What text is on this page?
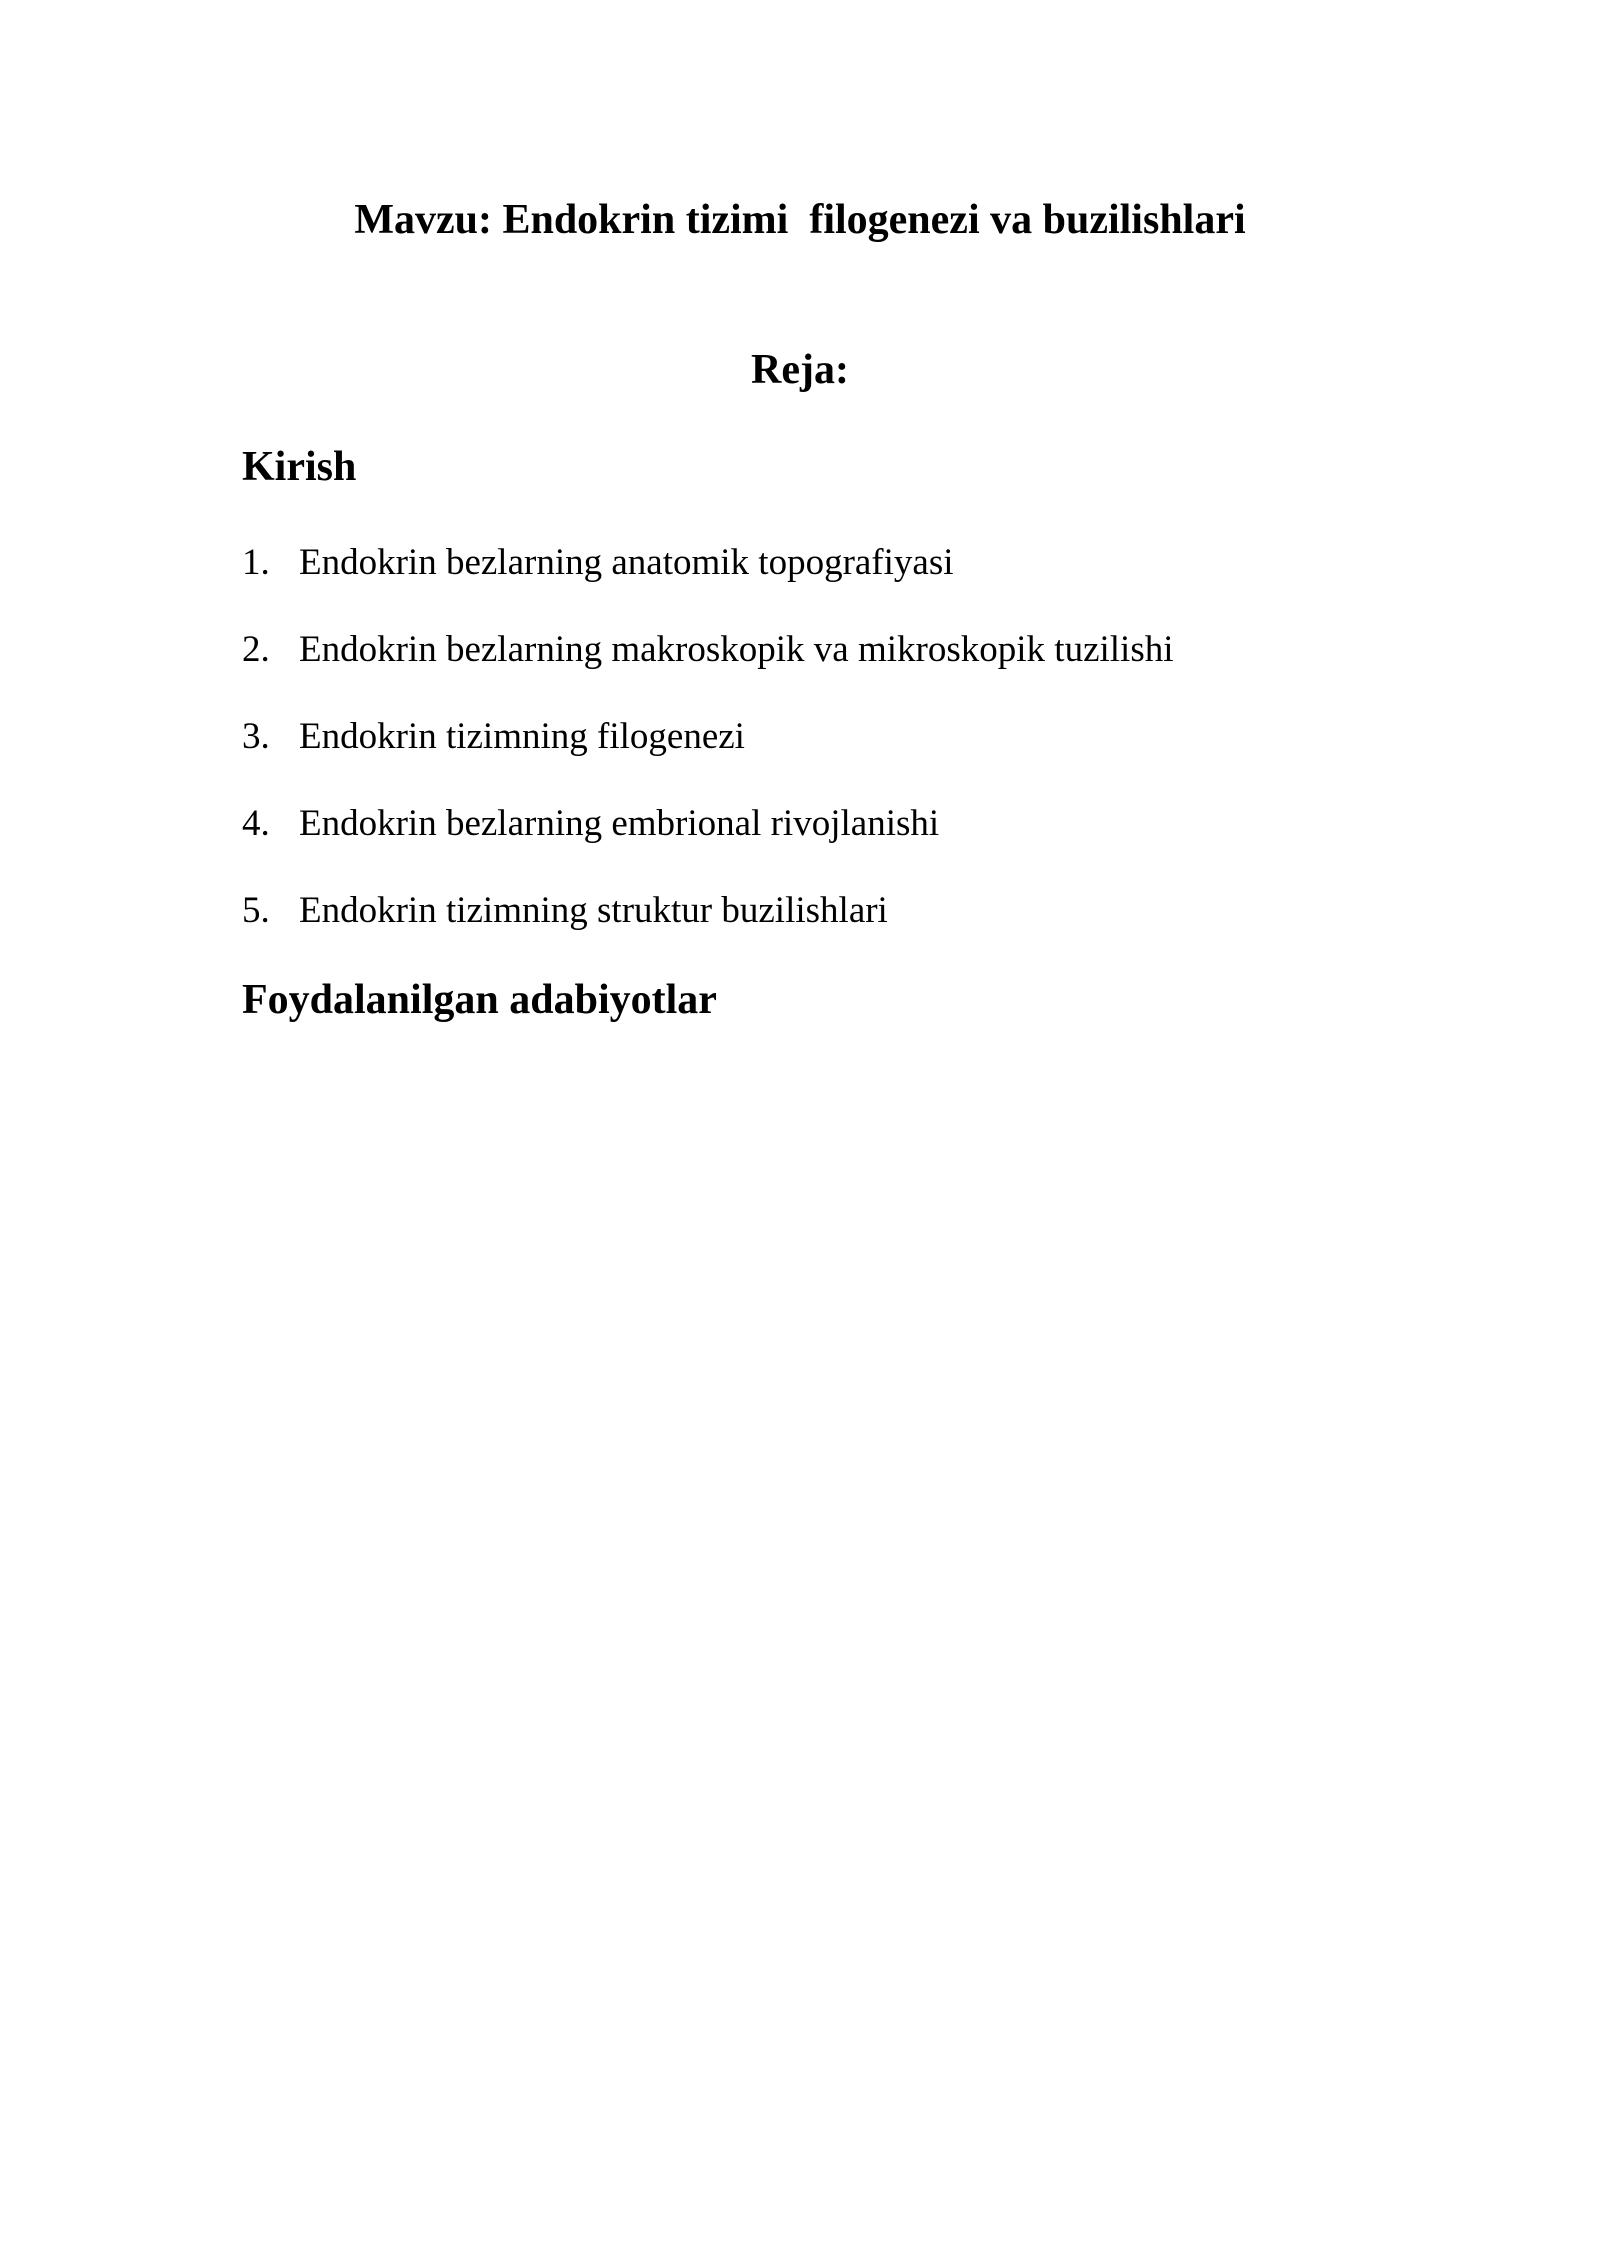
Mavzu: Endokrin tizimi  filogenezi va buzilishlari
Reja:
Kirish
1. Endokrin bezlarning anatomik topografiyasi
2. Endokrin bezlarning makroskopik va mikroskopik tuzilishi
3. Endokrin tizimning filogenezi
4. Endokrin bezlarning embrional rivojlanishi
5. Endokrin tizimning struktur buzilishlari
Foydalanilgan adabiyotlar
